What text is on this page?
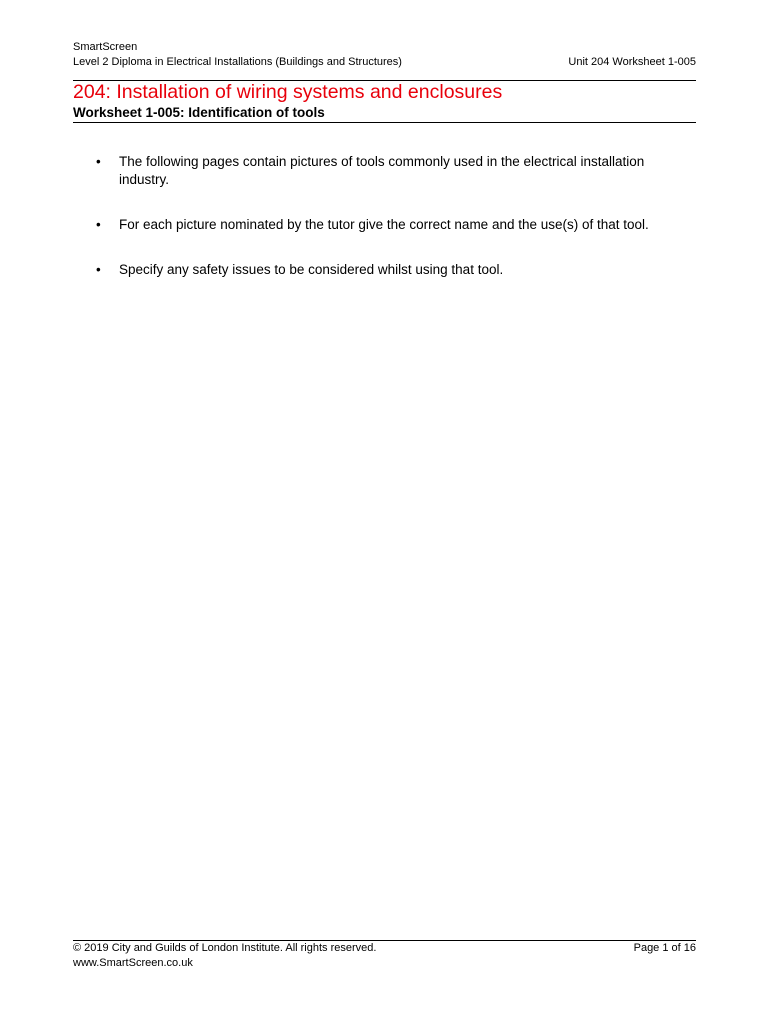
SmartScreen
Level 2 Diploma in Electrical Installations (Buildings and Structures)	Unit 204 Worksheet 1-005
204: Installation of wiring systems and enclosures
Worksheet 1-005: Identification of tools
• The following pages contain pictures of tools commonly used in the electrical installation industry.
• For each picture nominated by the tutor give the correct name and the use(s) of that tool.
• Specify any safety issues to be considered whilst using that tool.
© 2019 City and Guilds of London Institute. All rights reserved.	Page 1 of 16
www.SmartScreen.co.uk
